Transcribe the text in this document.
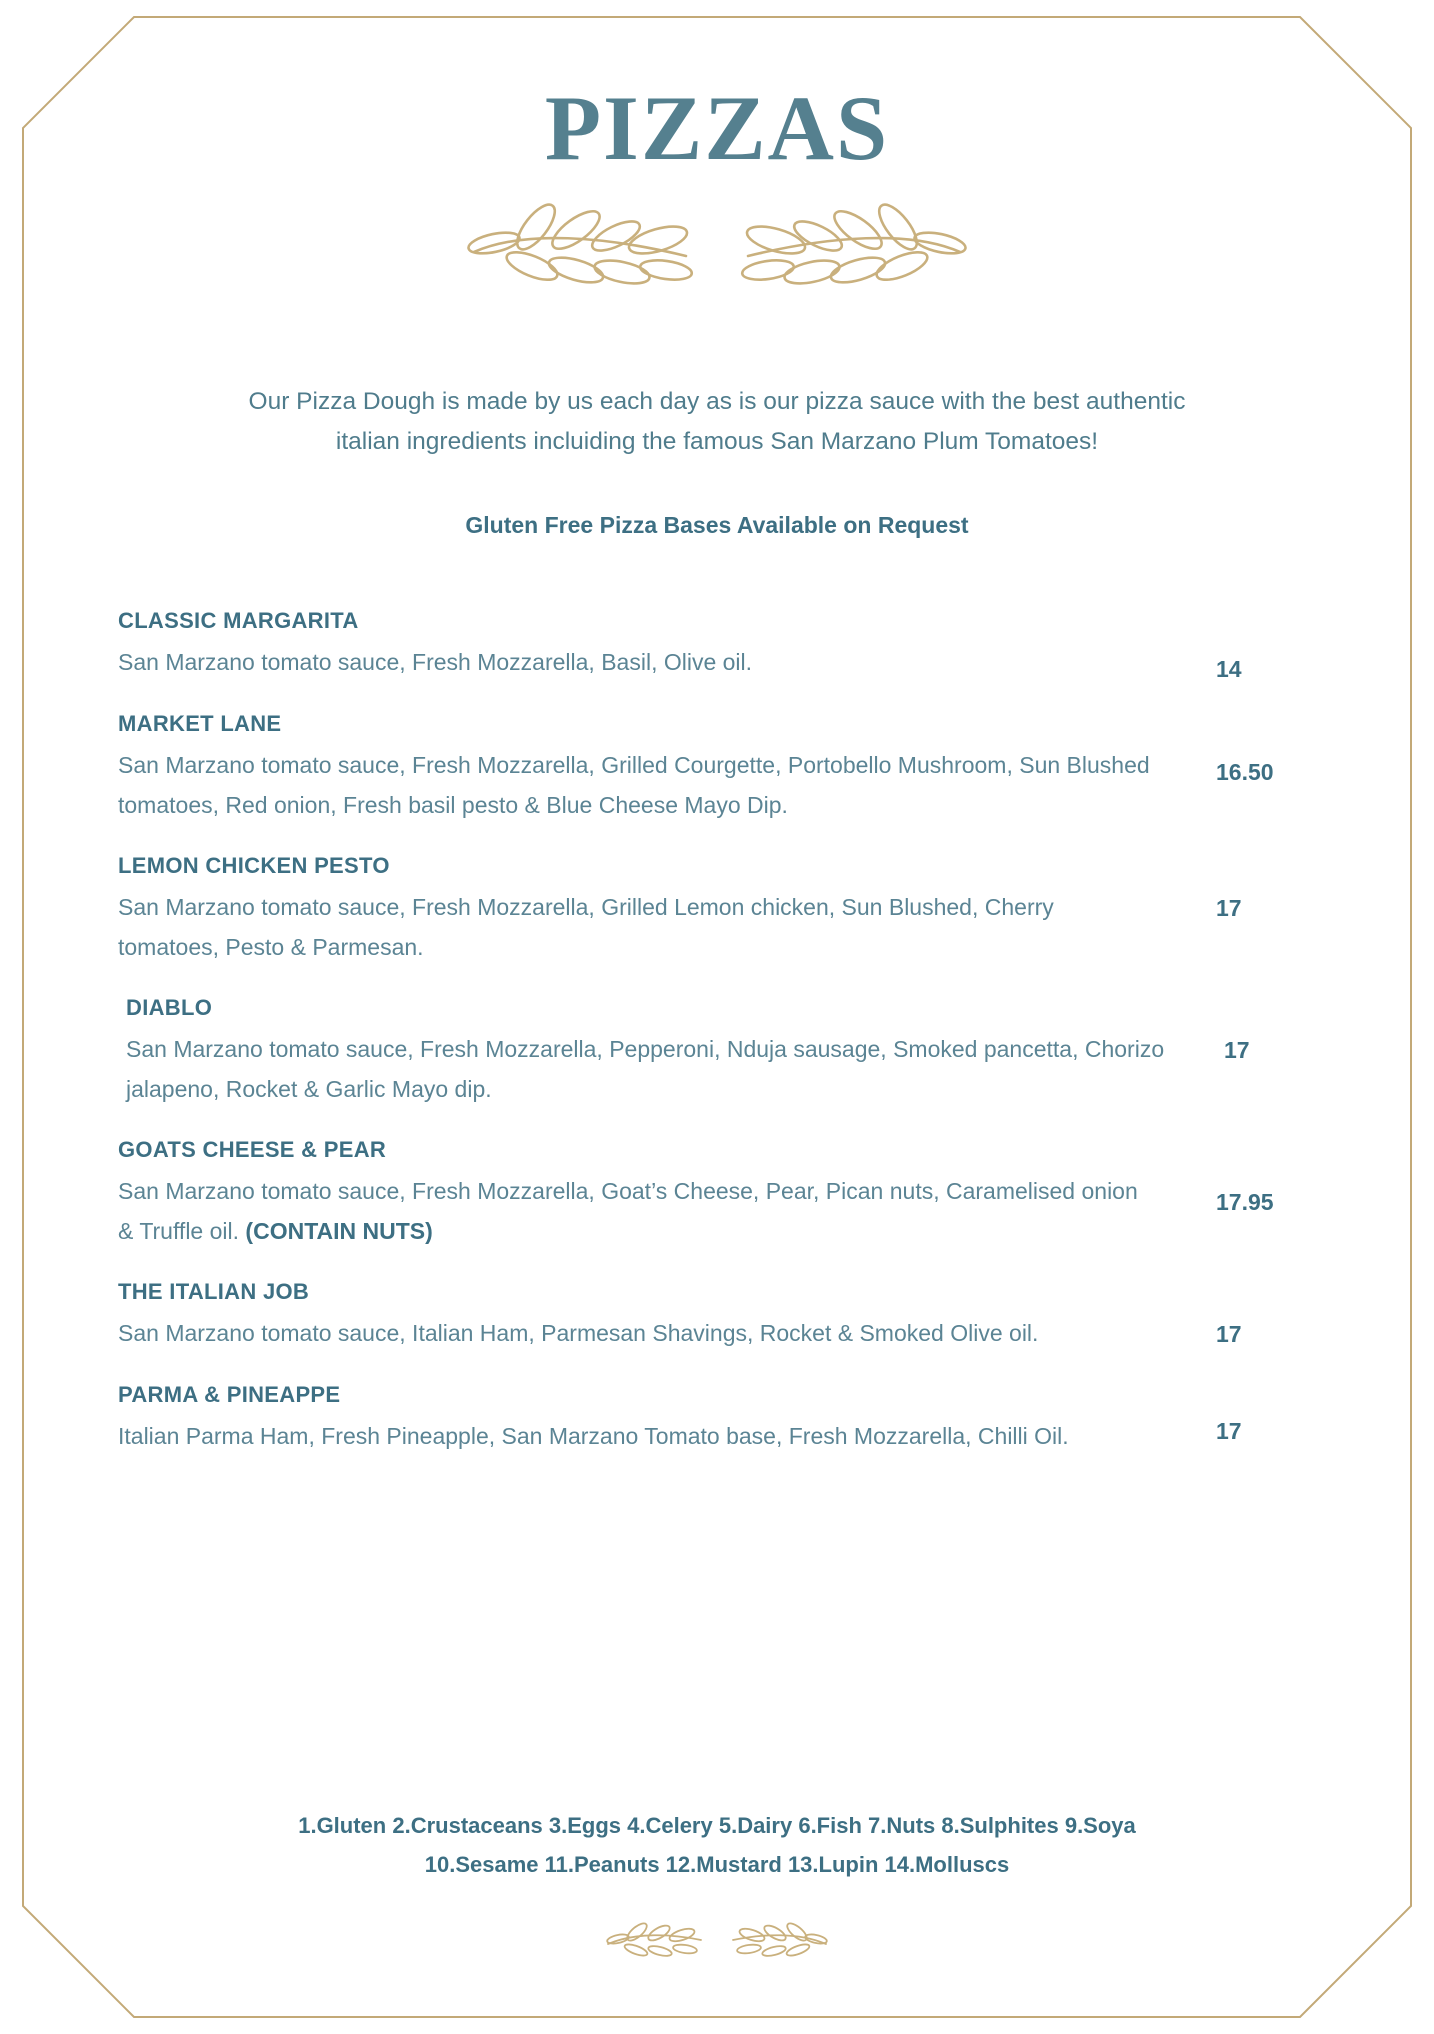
PIZZAS

Our Pizza Dough is made by us each day as is our pizza sauce with the best authentic

italian ingredients incluiding the famous San Marzano Plum Tomatoes!

Gluten Free Pizza Bases Available on Request

CLASSIC MARGARITA

San Marzano tomato sauce, Fresh Mozzarella, Basil, Olive oil.	14

MARKET LANE

San Marzano tomato sauce, Fresh Mozzarella, Grilled Courgette, Portobello Mushroom, Sun Blushed tomatoes, Red onion, Fresh basil pesto & Blue Cheese Mayo Dip.

16.50

LEMON CHICKEN PESTO

San Marzano tomato sauce, Fresh Mozzarella, Grilled Lemon chicken, Sun Blushed, Cherry tomatoes, Pesto & Parmesan.

17

DIABLO

San Marzano tomato sauce, Fresh Mozzarella, Pepperoni, Nduja sausage, Smoked pancetta, Chorizo jalapeno, Rocket & Garlic Mayo dip.

17

GOATS CHEESE & PEAR

San Marzano tomato sauce, Fresh Mozzarella, Goat’s Cheese, Pear, Pican nuts, Caramelised onion & Truffle oil. (CONTAIN NUTS)

17.95

THE ITALIAN JOB

San Marzano tomato sauce, Italian Ham, Parmesan Shavings, Rocket & Smoked Olive oil.	17

PARMA & PINEAPPE

Italian Parma Ham, Fresh Pineapple, San Marzano Tomato base, Fresh Mozzarella, Chilli Oil.	17
1.Gluten 2.Crustaceans 3.Eggs 4.Celery 5.Dairy 6.Fish 7.Nuts 8.Sulphites 9.Soya
10.Sesame 11.Peanuts 12.Mustard 13.Lupin 14.Molluscs
